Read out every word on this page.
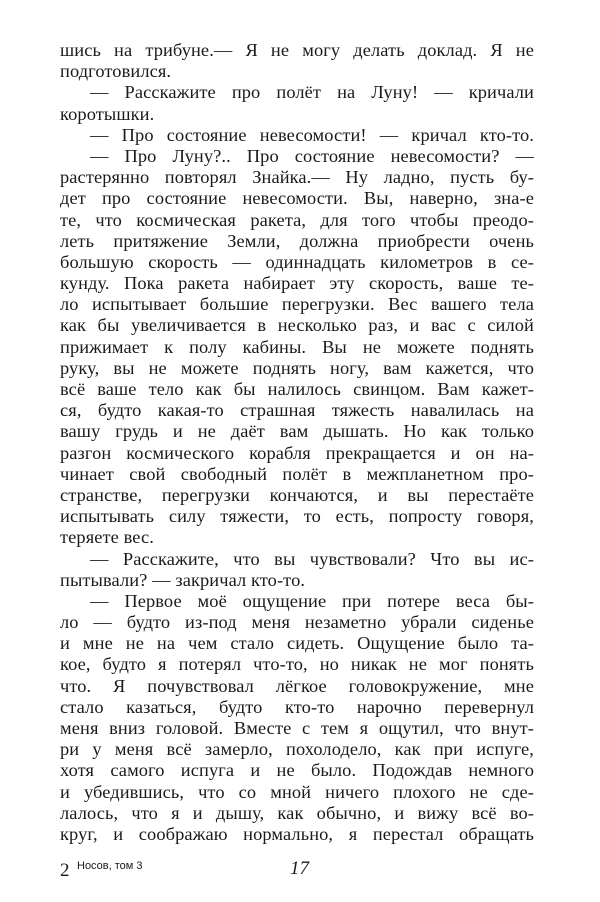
шись на трибуне.— Я не могу делать доклад. Я не
подготовился.
— Расскажите про полёт на Луну! — кричали
коротышки.
— Про состояние невесомости! — кричал кто-то.
— Про Луну?.. Про состояние невесомости? —
растерянно повторял Знайка.— Ну ладно, пусть бу-
дет про состояние невесомости. Вы, наверно, зна-е
те, что космическая ракета, для того чтобы преодо-
леть притяжение Земли, должна приобрести очень
большую скорость — одиннадцать километров в се-
кунду. Пока ракета набирает эту скорость, ваше те-
ло испытывает большие перегрузки. Вес вашего тела
как бы увеличивается в несколько раз, и вас с силой
прижимает к полу кабины. Вы не можете поднять
руку, вы не можете поднять ногу, вам кажется, что
всё ваше тело как бы налилось свинцом. Вам кажет-
ся, будто какая-то страшная тяжесть навалилась на
вашу грудь и не даёт вам дышать. Но как только
разгон космического корабля прекращается и он на-
чинает свой свободный полёт в межпланетном про-
странстве, перегрузки кончаются, и вы перестаёте
испытывать силу тяжести, то есть, попросту говоря,
теряете вес.
— Расскажите, что вы чувствовали? Что вы ис-
пытывали? — закричал кто-то.
— Первое моё ощущение при потере веса бы-
ло — будто из-под меня незаметно убрали сиденье
и мне не на чем стало сидеть. Ощущение было та-
кое, будто я потерял что-то, но никак не мог понять
что. Я почувствовал лёгкое головокружение, мне
стало казаться, будто кто-то нарочно перевернул
меня вниз головой. Вместе с тем я ощутил, что внут-
ри у меня всё замерло, похолодело, как при испуге,
хотя самого испуга и не было. Подождав немного
и убедившись, что со мной ничего плохого не сде-
лалось, что я и дышу, как обычно, и вижу всё во-
круг, и соображаю нормально, я перестал обращать
2 Носов, том 3	17
